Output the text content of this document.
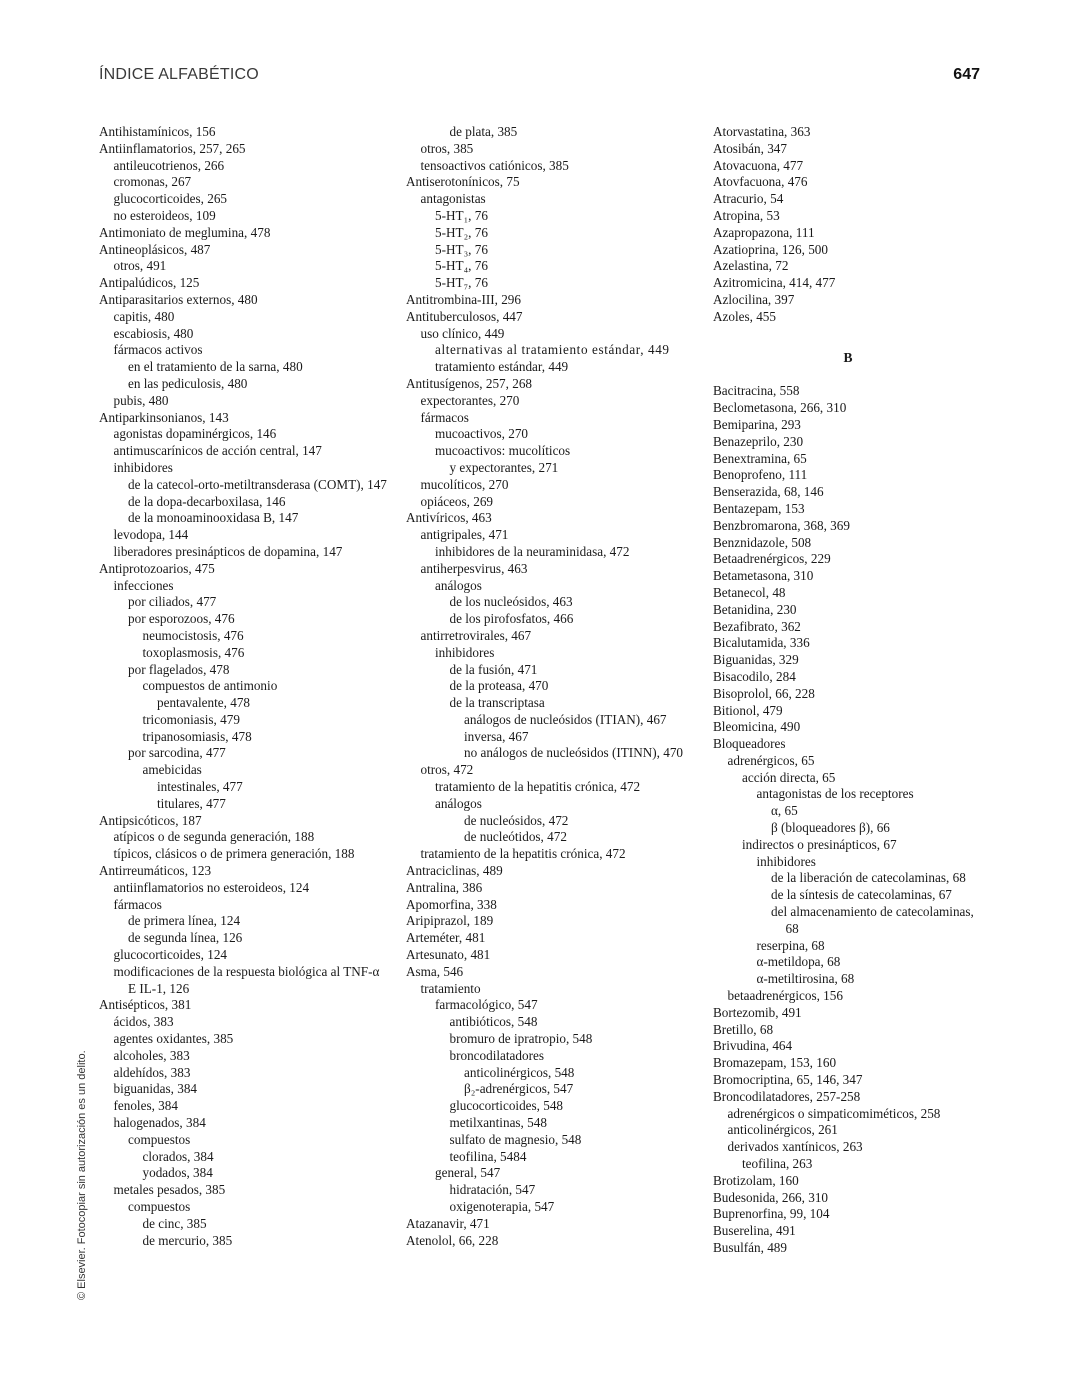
ÍNDICE ALFABÉTICO	647
Antihistamínicos, 156
Antiinflamatorios, 257, 265
antileucotrienos, 266
cromonas, 267
glucocorticoides, 265
no esteroideos, 109
Antimoniato de meglumina, 478
Antineoplásicos, 487
otros, 491
Antipalúdicos, 125
Antiparasitarios externos, 480
capitis, 480
escabiosis, 480
fármacos activos
en el tratamiento de la sarna, 480
en las pediculosis, 480
pubis, 480
Antiparkinsonianos, 143
agonistas dopaminérgicos, 146
antimuscarínicos de acción central, 147
inhibidores
de la catecol-orto-metiltransderasa (COMT), 147
de la dopa-decarboxilasa, 146
de la monoaminooxidasa B, 147
levodopa, 144
liberadores presinápticos de dopamina, 147
Antiprotozoarios, 475
infecciones
por ciliados, 477
por esporozoos, 476
neumocistosis, 476
toxoplasmosis, 476
por flagelados, 478
compuestos de antimonio
pentavalente, 478
tricomoniasis, 479
tripanosomiasis, 478
por sarcodina, 477
amebicidas
intestinales, 477
titulares, 477
Antipsicóticos, 187
atípicos o de segunda generación, 188
típicos, clásicos o de primera generación, 188
Antirreumáticos, 123
antiinflamatorios no esteroideos, 124
fármacos
de primera línea, 124
de segunda línea, 126
glucocorticoides, 124
modificaciones de la respuesta biológica al TNF-α E IL-1, 126
Antisépticos, 381
ácidos, 383
agentes oxidantes, 385
alcoholes, 383
aldehídos, 383
biguanidas, 384
fenoles, 384
halogenados, 384
compuestos
clorados, 384
yodados, 384
metales pesados, 385
compuestos
de cinc, 385
de mercurio, 385
de plata, 385
otros, 385
tensoactivos catiónicos, 385
Antiserotonínicos, 75
antagonistas
5-HT₁, 76
5-HT₂, 76
5-HT₃, 76
5-HT₄, 76
5-HT₇, 76
Antitrombina-III, 296
Antituberculosos, 447
uso clínico, 449
alternativas al tratamiento estándar, 449
tratamiento estándar, 449
Antitusígenos, 257, 268
expectorantes, 270
fármacos
mucoactivos, 270
mucoactivos: mucolíticos
y expectorantes, 271
mucolíticos, 270
opiáceos, 269
Antivíricos, 463
antigripales, 471
inhibidores de la neuraminidasa, 472
antiherpesvirus, 463
análogos
de los nucleósidos, 463
de los pirofosfatos, 466
antirretrovirales, 467
inhibidores
de la fusión, 471
de la proteasa, 470
de la transcriptasa
análogos de nucleósidos (ITIAN), 467
inversa, 467
no análogos de nucleósidos (ITINN), 470
otros, 472
tratamiento de la hepatitis crónica, 472
análogos
de nucleósidos, 472
de nucleótidos, 472
tratamiento de la hepatitis crónica, 472
Antraciclinas, 489
Antralina, 386
Apomorfina, 338
Aripiprazol, 189
Arteméter, 481
Artesunato, 481
Asma, 546
tratamiento
farmacológico, 547
antibióticos, 548
bromuro de ipratropio, 548
broncodilatadores
anticolinérgicos, 548
β₂-adrenérgicos, 547
glucocorticoides, 548
metilxantinas, 548
sulfato de magnesio, 548
teofilina, 5484
general, 547
hidratación, 547
oxigenoterapia, 547
Atazanavir, 471
Atenolol, 66, 228
Atorvastatina, 363
Atosibán, 347
Atovacuona, 477
Atovfacuona, 476
Atracurio, 54
Atropina, 53
Azapropazona, 111
Azatioprina, 126, 500
Azelastina, 72
Azitromicina, 414, 477
Azlocilina, 397
Azoles, 455
B
Bacitracina, 558
Beclometasona, 266, 310
Bemiparina, 293
Benazeprilo, 230
Benextramina, 65
Benoprofeno, 111
Benserazida, 68, 146
Bentazepam, 153
Benzbromarona, 368, 369
Benznidazole, 508
Betaadrenérgicos, 229
Betametasona, 310
Betanecol, 48
Betanidina, 230
Bezafibrato, 362
Bicalutamida, 336
Biguanidas, 329
Bisacodilo, 284
Bisoprolol, 66, 228
Bitionol, 479
Bleomicina, 490
Bloqueadores
adrenérgicos, 65
acción directa, 65
antagonistas de los receptores
α, 65
β (bloqueadores β), 66
indirectos o presinápticos, 67
inhibidores
de la liberación de catecolaminas, 68
de la síntesis de catecolaminas, 67
del almacenamiento de catecolaminas, 68
reserpina, 68
α-metildopa, 68
α-metiltirosina, 68
betaadrenérgicos, 156
Bortezomib, 491
Bretillo, 68
Brivudina, 464
Bromazepam, 153, 160
Bromocriptina, 65, 146, 347
Broncodilatadores, 257-258
adrenérgicos o simpaticomiméticos, 258
anticolinérgicos, 261
derivados xantínicos, 263
teofilina, 263
Brotizolam, 160
Budesonida, 266, 310
Buprenorfina, 99, 104
Buserelina, 491
Busulfán, 489
© Elsevier. Fotocopiar sin autorización es un delito.
